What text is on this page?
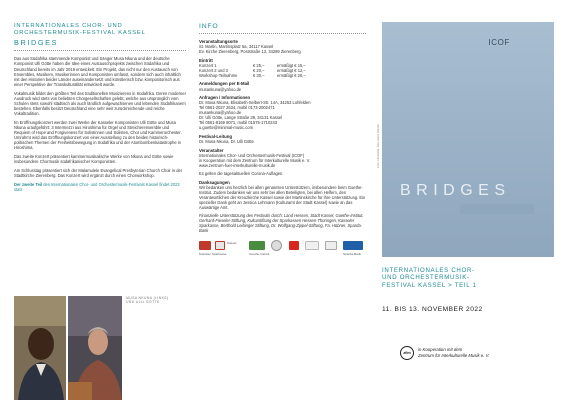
INTERNATIONALES CHOR- UND
ORCHESTERMUSIK-FESTIVAL KASSEL
BRIDGES

Das aus Südafrika stammende Komponist und Sänger Musa Nkuna und der deutsche Komponist Ulli Götte haben die Idee eines Austauschprojekts zwischen Südafrika und Deutschland bereits im Jahr 2019 entwickelt. Ein Projekt, das nicht nur den Austausch von Ensembles, Musikern, Musikerinnen und Komponisten umfasst, sondern sich auch inhaltlich mit den Historien beider Länder auseinandersetzt und künstlerisch bzw. kompositorisch aus einer Perspektive der Transkulturalität entwickelt wurde.

Vokalmusik bildet den größten Teil des traditionellen Musizierens in Südafrika. Deren moderner Ausdruck wird stets von beliebten Chorgesellschaften gelebt, welche aus ursprünglich vom Schulen stets sowohl städtisch als auch ländlich aufgewachsenen und lebenden Südafrikanern bestehen. Ebenfalls besitzt Deutschland eine sehr weit zurückreichende und reiche Vokaltradition.

Im Eröffnungskonzert werden zwei Werke der Kasseler Komponisten Ulli Götte und Musa Nkuna uraufgeführt: 3 Intermezzi aus Hiroshima für Orgel und Streicherensemble und Requiem of Hope and Forgiveness für Solistinnen und Solisten, Chor und Kammerorchester. Umrahmt wird das Eröffnungskonzert von einer Ausstellung zu den beiden historisch-politischen Themen der Freiheitsbewegung in Südafrika und der Atombombenkatastrophe in Hiroshima.

Das zweite Konzert präsentiert kammermusikalische Werke von Nkuna und Götte sowie insbesondere Chormusik südafrikanischer Komponisten.

Am Schlusstag präsentiert sich der Malamulele Evangelical Presbyterian Church Choir in der Stadtkirche Zierenberg. Das Konzert wird ergänzt durch einen Chorworkshop.

Der zweite Teil des Internationalen Chor- und Orchestermusik-Festivals Kassel findet 2023 statt.

MUSA NKUNA (LINKS)
UND ULLI GÖTTE
INFO
Veranstaltungsorte
St. Martin, Martinsplatz 5a, 34117 Kassel
Ev. Kirche Zierenberg, Poststraße 13, 34289 Zierenberg
Eintritt
Konzert 1	€ 25,–	ermäßigt € 15,–
Konzert 2 und 3	€ 20,–	ermäßigt € 12,–
Workshop-Teilnahme	€ 30,–	ermäßigt € 20,–
Anmeldungen per E-Mail
musankuna@yahoo.de
Anfragen / Informationen
Dr. Musa Nkuna, Elisabeth-Selbert-Str. 14A, 34253 Lohfelden
Tel 0561-2027 2634, mobil 0173-2002471
musankuna@yahoo.de
Dr. Ulli Götte, Lange Straße 39, 34131 Kassel
Tel 0561-8169 8071, mobil 01575-1710243
u.goette@minimal-music.com
Festival-Leitung
Dr. Musa Nkuna, Dr. Ulli Götte
Veranstalter
Internationales Chor- und Orchestermusik-Festival (ICOF)
in Kooperation mit dem Zentrum für Interkulturelle Musik e. V.
www.zentrum-fuer-interkulturelle-musik.de
Es gelten die tagesaktuellen Corona-Auflagen.
Danksagungen
Wir bedanken uns herzlich bei allen genannten Unterstützern, insbesondere beim Goethe-Institut. Zudem bedanken wir uns sehr bei allen Beteiligten, bei allen Helfern, den Verantwortlichen der Kreuzkirche Kassel sowie der Martinskirche für ihre Unterstützung. Ein spezieller Dank geht an Jessica Lehmann (Kulturamt der Stadt Kassel) sowie an das Auswärtige Amt.
Finanzielle Unterstützung des Festivals durch: Land Hessen, Stadt Kassel, Goethe-Institut, Gerhard-Fieseler-Stiftung, Kulturstiftung der Sparkassen Hessen-Thüringen, Kasseler Sparkasse, Berthold Leibinger Stiftung, Dr. Wolfgang-Zippel-Stiftung, Fa. Hübner, Sparda-Bank
Kassel
Kasseler Sparkasse	Sparda-Bank
Goethe-Institut
ICOF
BRIDGES
Foto: Ulli Götte, Karl-Heinz Mierke
INTERNATIONALES CHOR-
UND ORCHESTERMUSIK-
FESTIVAL KASSEL > TEIL 1
11. BIS 13. NOVEMBER 2022
zfim
in Kooperation mit dem
Zentrum für Interkulturelle Musik e. V.
